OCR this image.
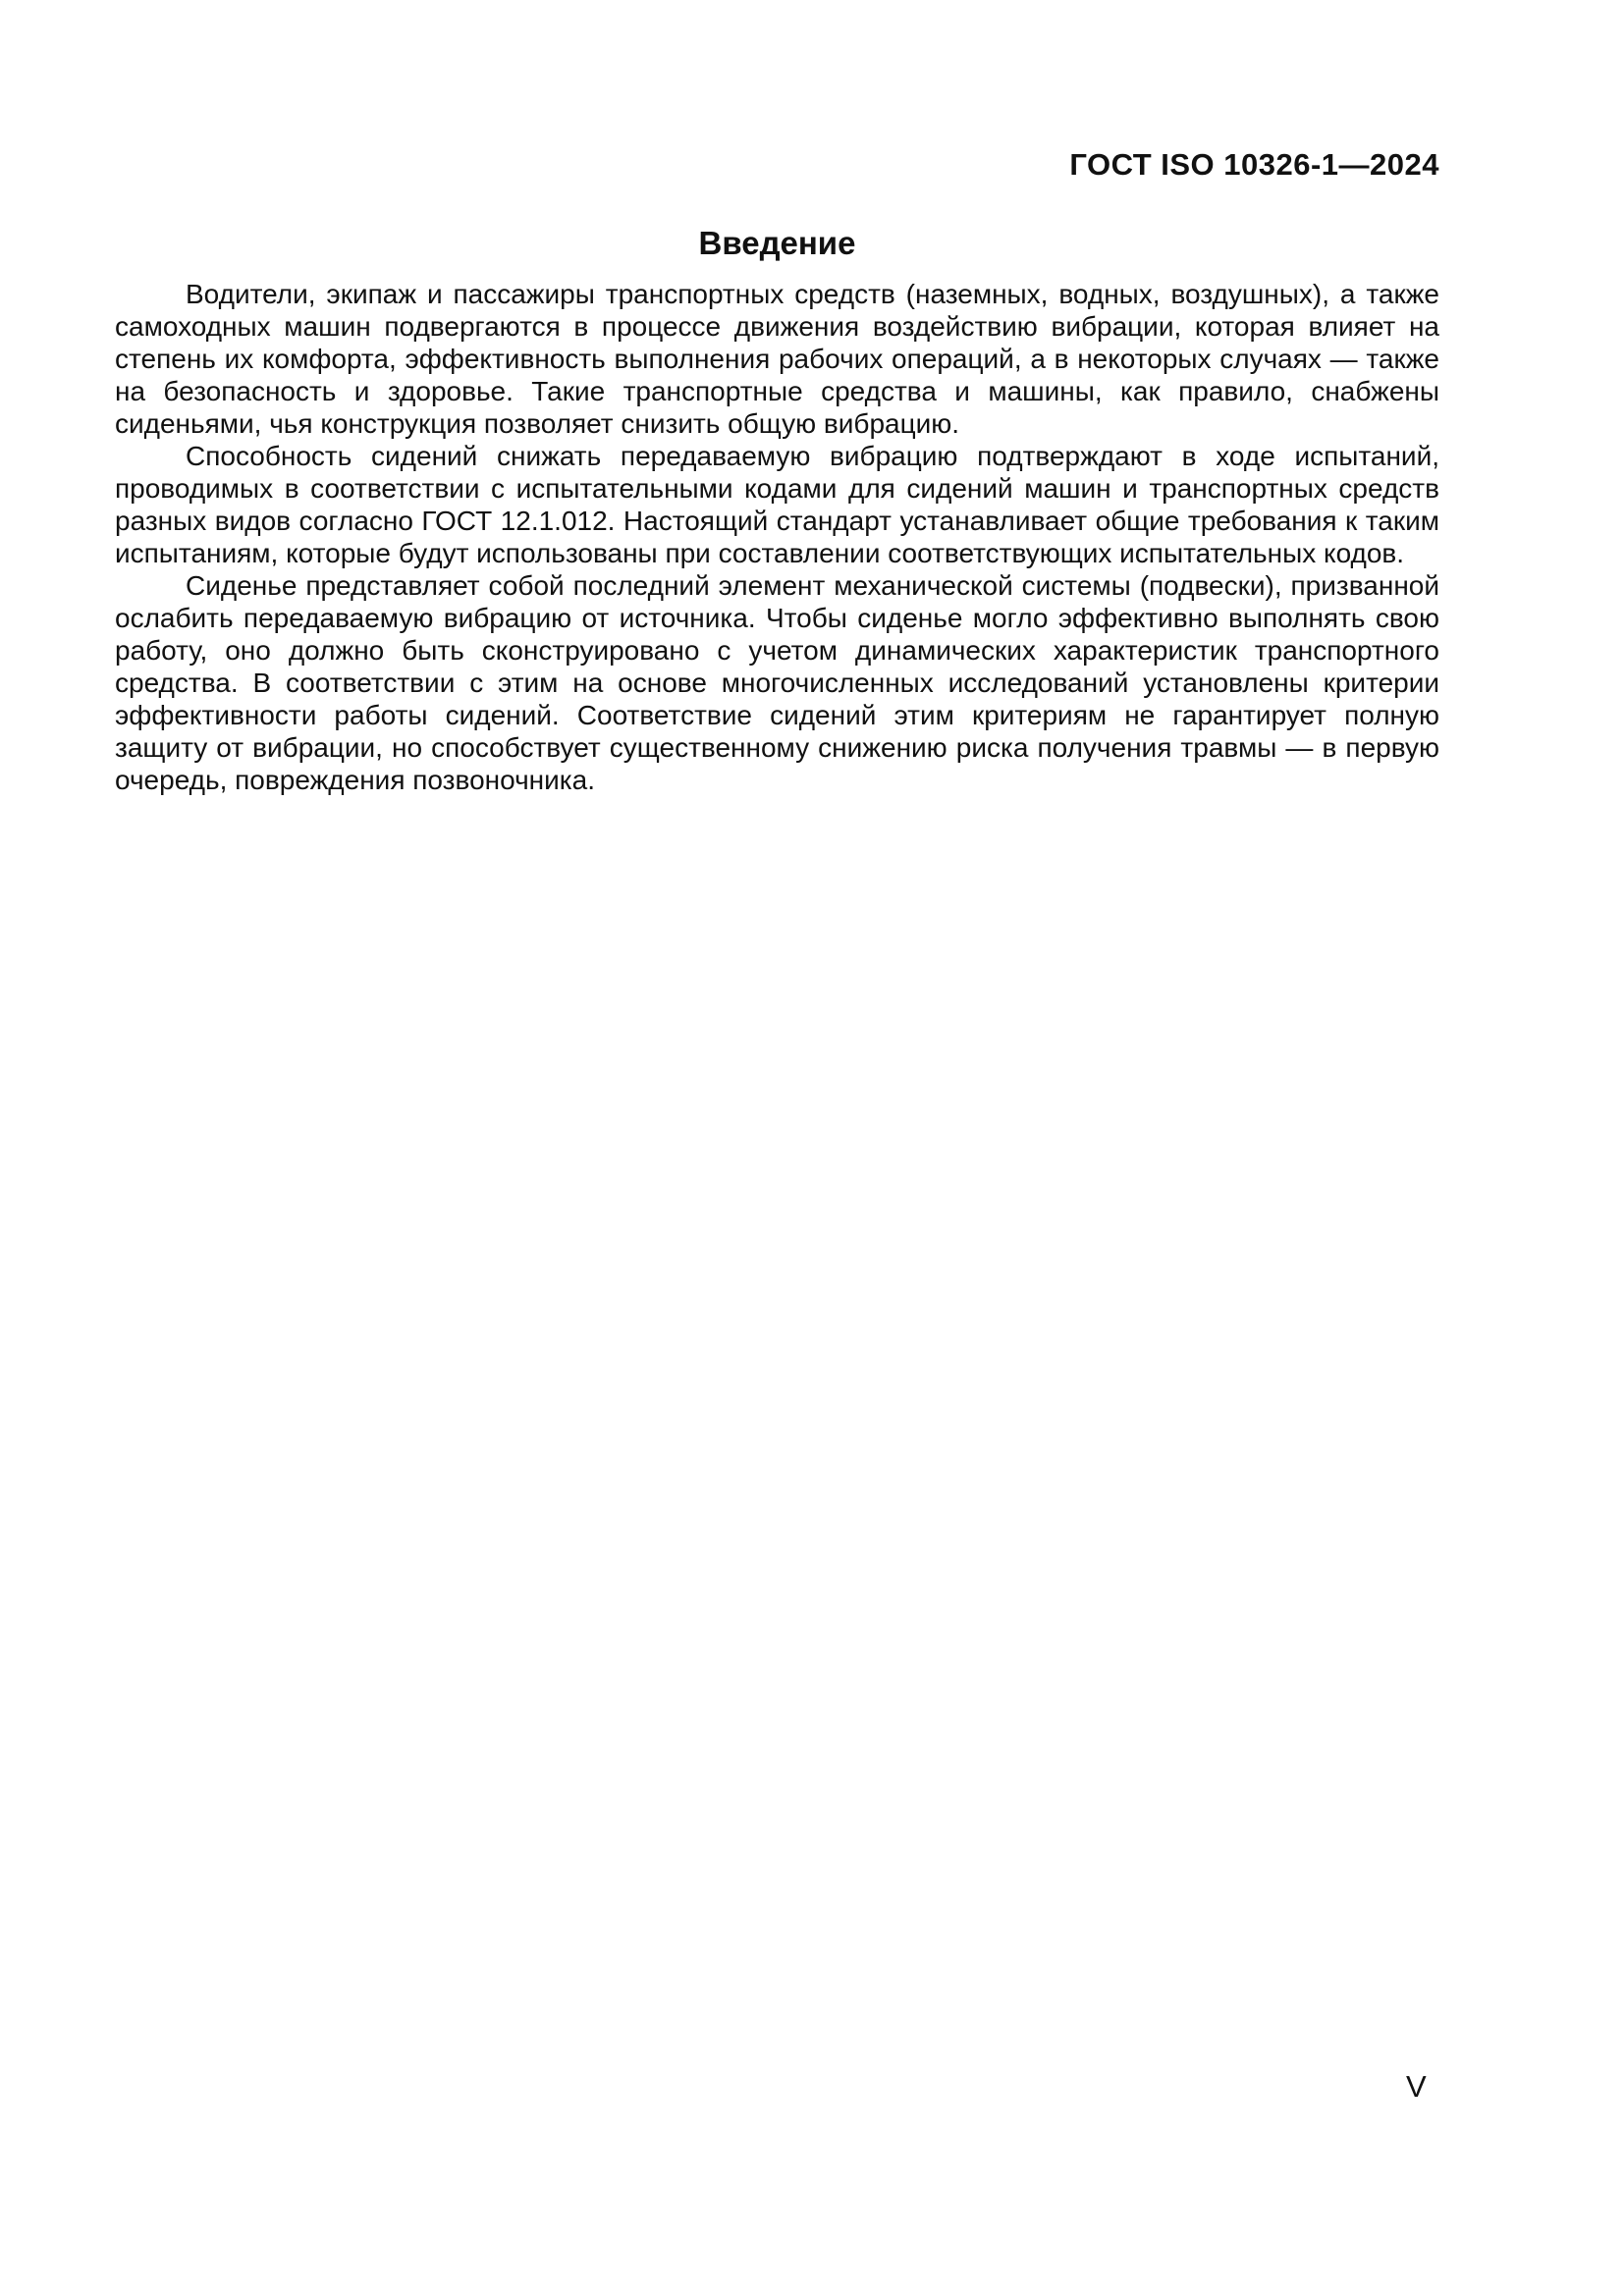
ГОСТ ISO 10326-1—2024
Введение

Водители, экипаж и пассажиры транспортных средств (наземных, водных, воздушных), а также самоходных машин подвергаются в процессе движения воздействию вибрации, которая влияет на степень их комфорта, эффективность выполнения рабочих операций, а в некоторых случаях — также на безопасность и здоровье. Такие транспортные средства и машины, как правило, снабжены сиденьями, чья конструкция позволяет снизить общую вибрацию.

Способность сидений снижать передаваемую вибрацию подтверждают в ходе испытаний, проводимых в соответствии с испытательными кодами для сидений машин и транспортных средств разных видов согласно ГОСТ 12.1.012. Настоящий стандарт устанавливает общие требования к таким испытаниям, которые будут использованы при составлении соответствующих испытательных кодов.

Сиденье представляет собой последний элемент механической системы (подвески), призванной ослабить передаваемую вибрацию от источника. Чтобы сиденье могло эффективно выполнять свою работу, оно должно быть сконструировано с учетом динамических характеристик транспортного средства. В соответствии с этим на основе многочисленных исследований установлены критерии эффективности работы сидений. Соответствие сидений этим критериям не гарантирует полную защиту от вибрации, но способствует существенному снижению риска получения травмы — в первую очередь, повреждения позвоночника.

V
